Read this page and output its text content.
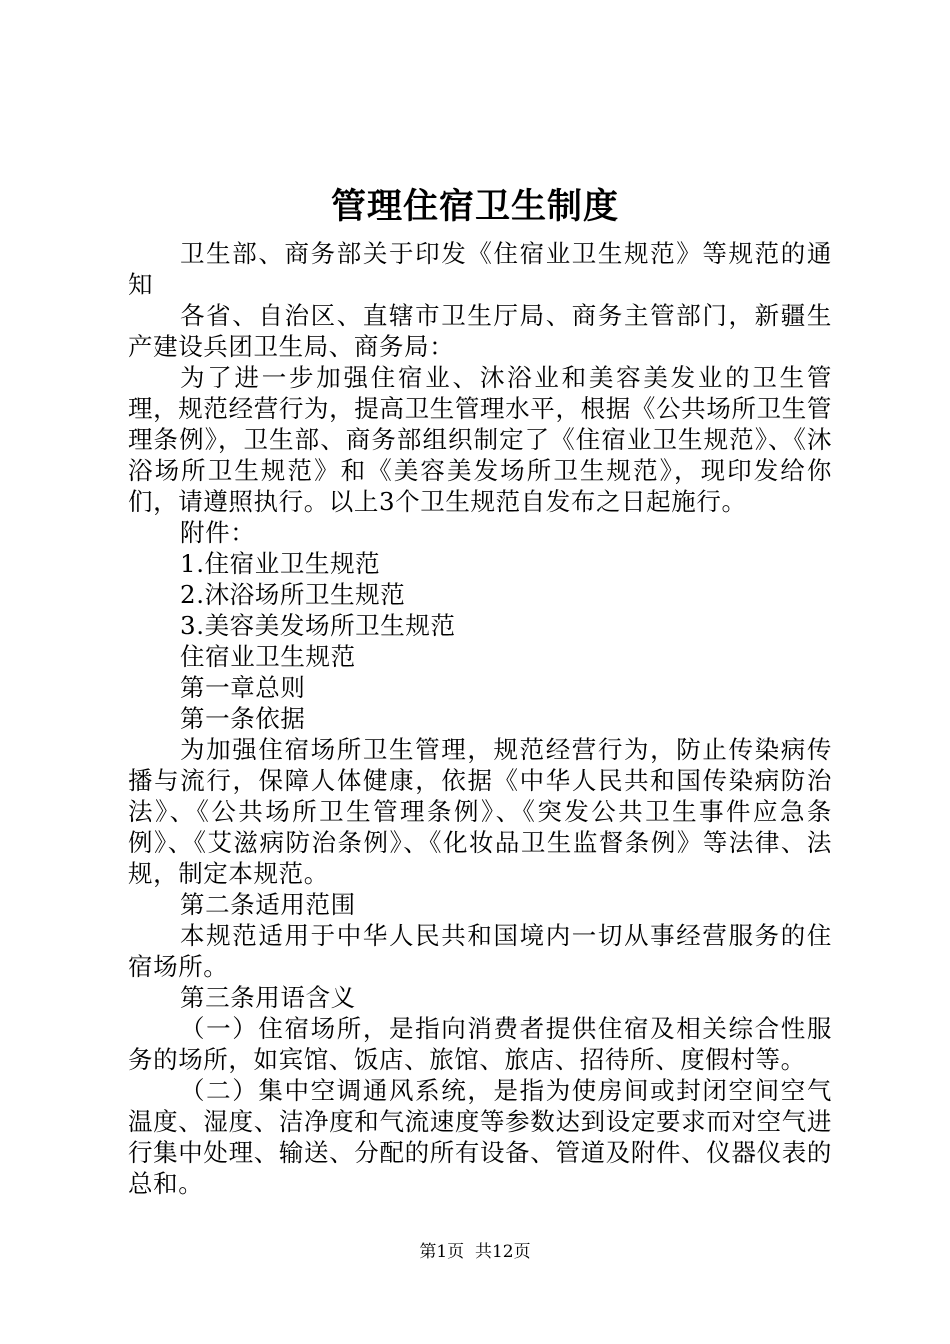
管理住宿卫生制度

卫生部、商务部关于印发《住宿业卫生规范》等规范的通知

各省、自治区、直辖市卫生厅局、商务主管部门，新疆生产建设兵团卫生局、商务局：

为了进一步加强住宿业、沐浴业和美容美发业的卫生管理，规范经营行为，提高卫生管理水平，根据《公共场所卫生管理条例》，卫生部、商务部组织制定了《住宿业卫生规范》、《沐浴场所卫生规范》和《美容美发场所卫生规范》，现印发给你们，请遵照执行。以上3个卫生规范自发布之日起施行。

附件：

1.住宿业卫生规范

2.沐浴场所卫生规范

3.美容美发场所卫生规范

住宿业卫生规范

第一章总则

第一条依据

为加强住宿场所卫生管理，规范经营行为，防止传染病传播与流行，保障人体健康，依据《中华人民共和国传染病防治法》、《公共场所卫生管理条例》、《突发公共卫生事件应急条例》、《艾滋病防治条例》、《化妆品卫生监督条例》等法律、法规，制定本规范。

第二条适用范围

本规范适用于中华人民共和国境内一切从事经营服务的住宿场所。

第三条用语含义

（一）住宿场所，是指向消费者提供住宿及相关综合性服务的场所，如宾馆、饭店、旅馆、旅店、招待所、度假村等。

（二）集中空调通风系统，是指为使房间或封闭空间空气温度、湿度、洁净度和气流速度等参数达到设定要求而对空气进行集中处理、输送、分配的所有设备、管道及附件、仪器仪表的总和。

第1页  共12页
